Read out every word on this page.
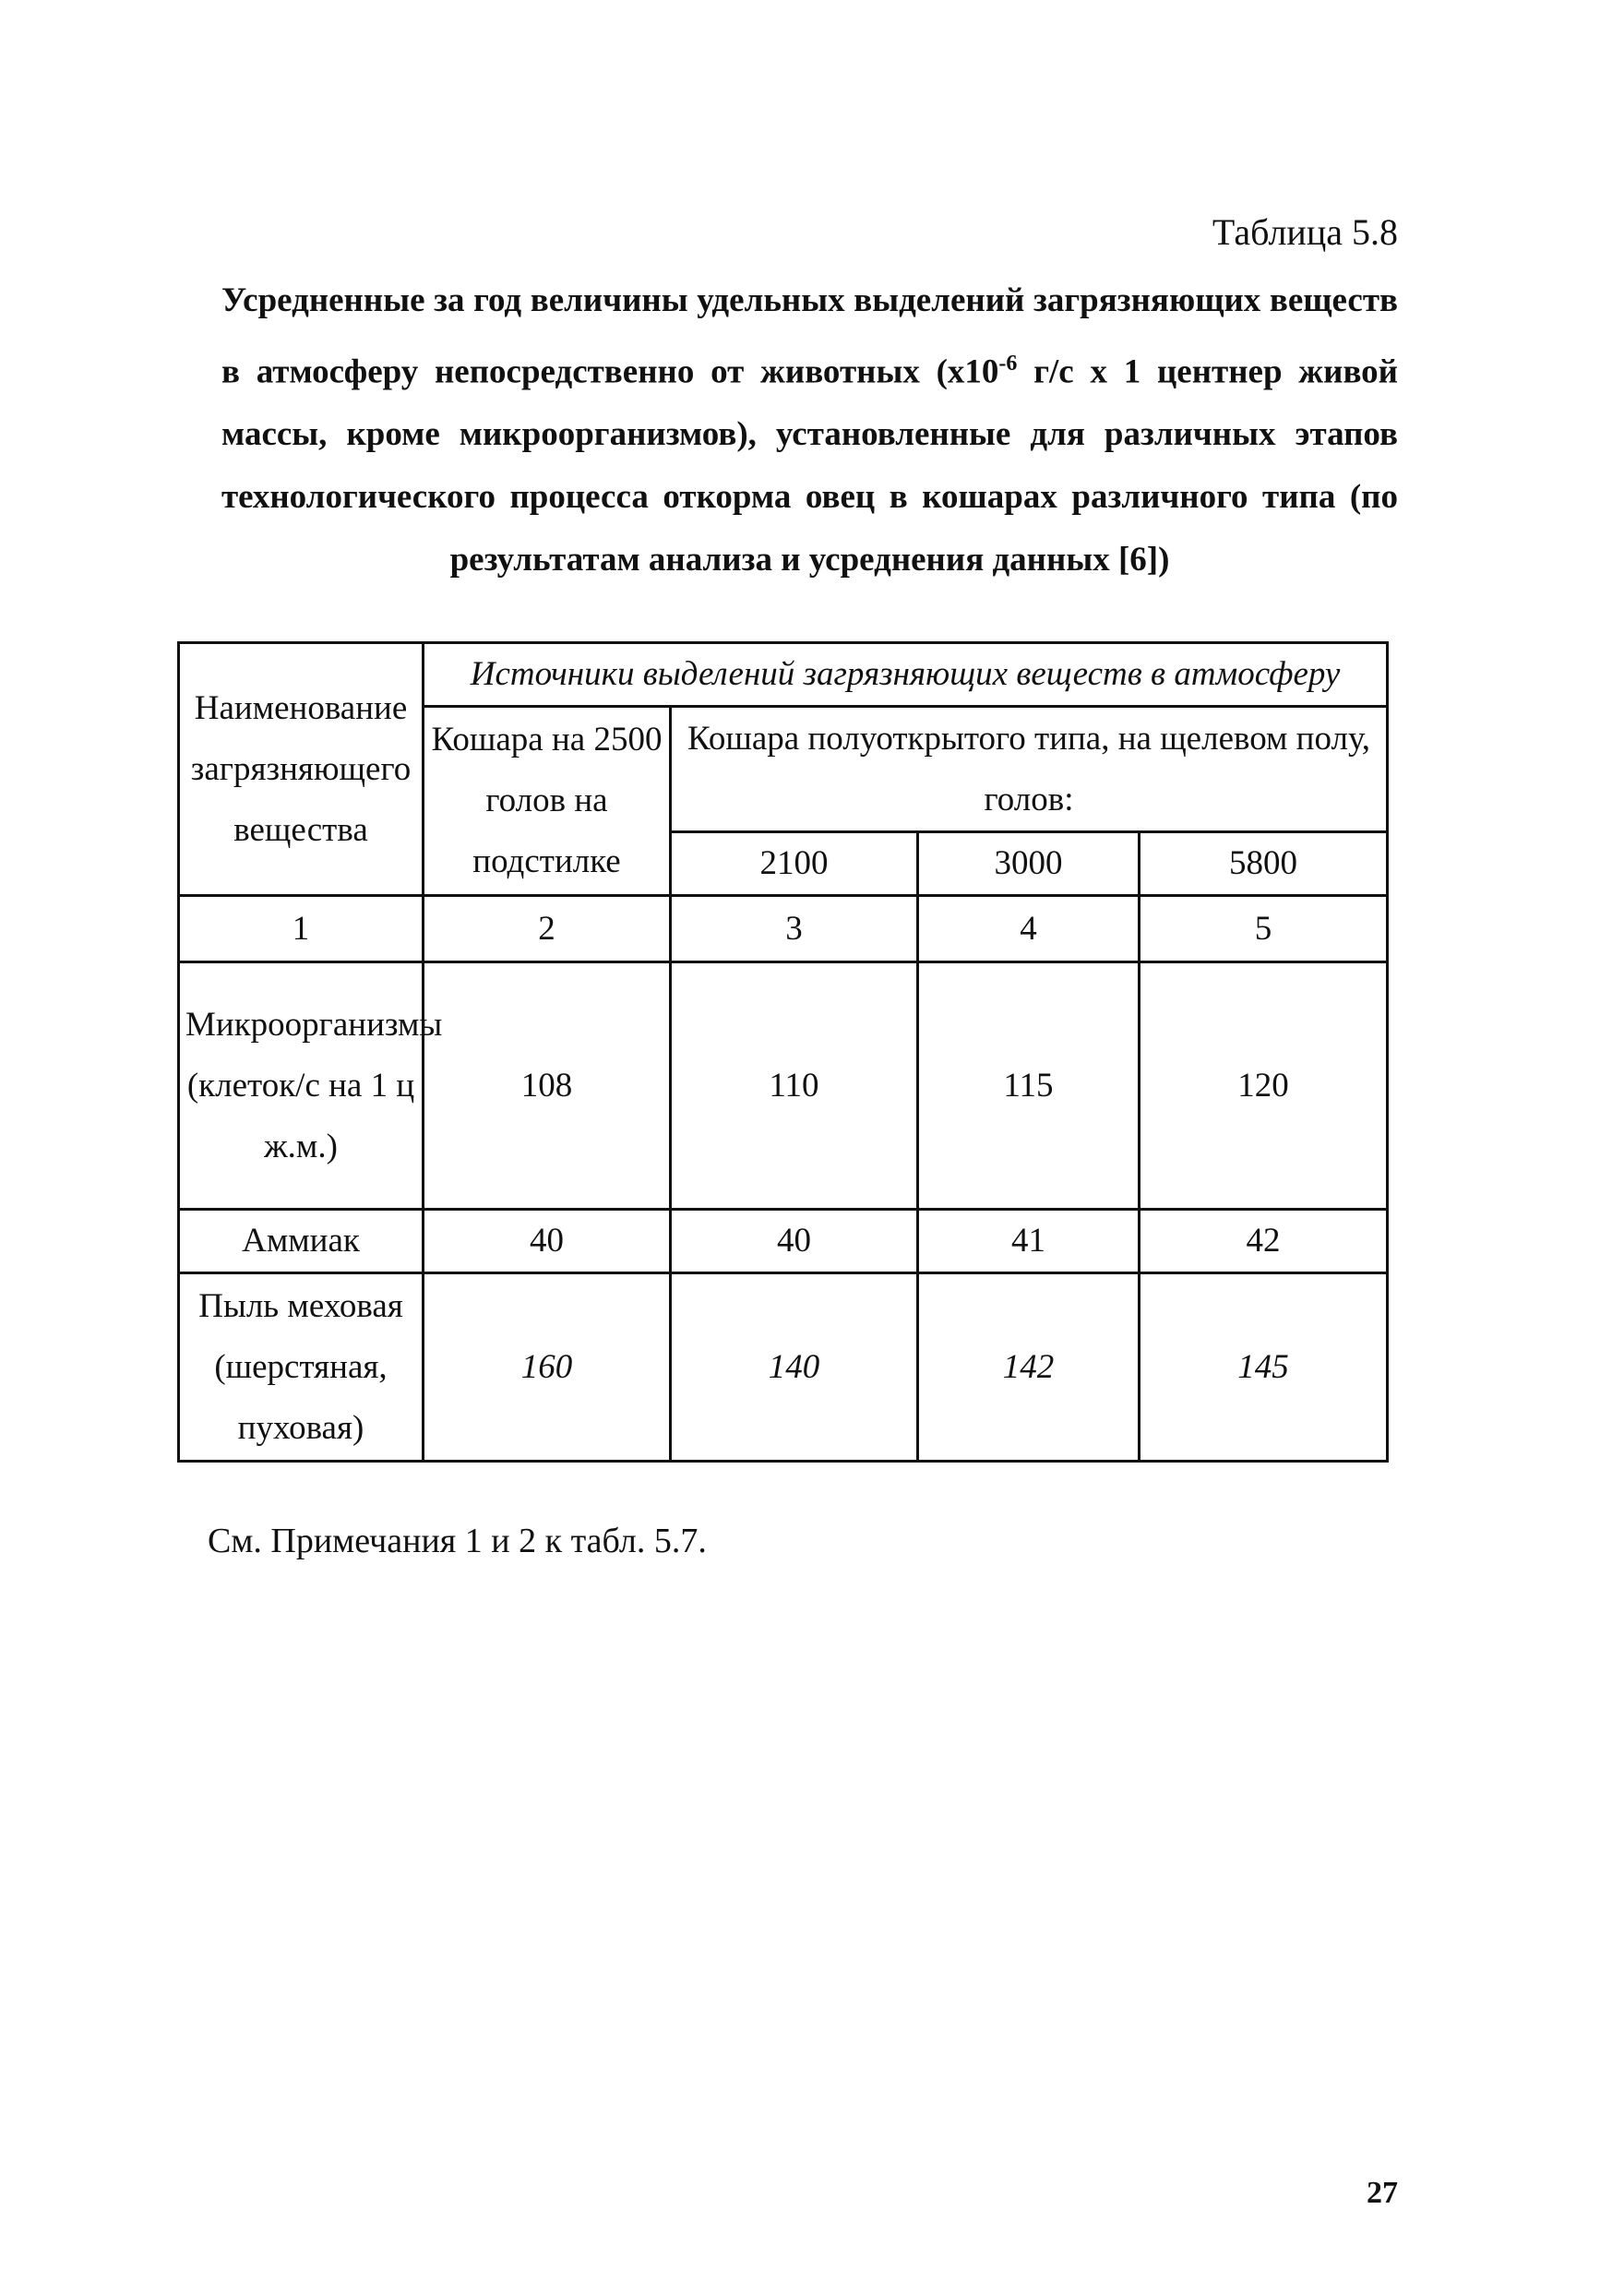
Таблица 5.8
Усредненные за год величины удельных выделений загрязняющих веществ в атмосферу непосредственно от животных ($х10^{-6}$ г/с х 1 центнер живой массы, кроме микроорганизмов), установленные для различных этапов технологического процесса откорма овец в кошарах различного типа (по результатам анализа и усреднения данных [6])
Наименование загрязняющего вещества	Источники выделений загрязняющих веществ в атмосферу			
	Кошара на 2500 голов на подстилке	Кошара полуоткрытого типа, на щелевом полу, голов:		
		2100	3000	5800
1	2	3	4	5
Микроорганизмы (клеток/с на 1 ц ж.м.)	108	110	115	120
Аммиак	40	40	41	42
Пыль меховая (шерстяная, пуховая)	160	140	142	145
См. Примечания 1 и 2 к табл. 5.7.
27
